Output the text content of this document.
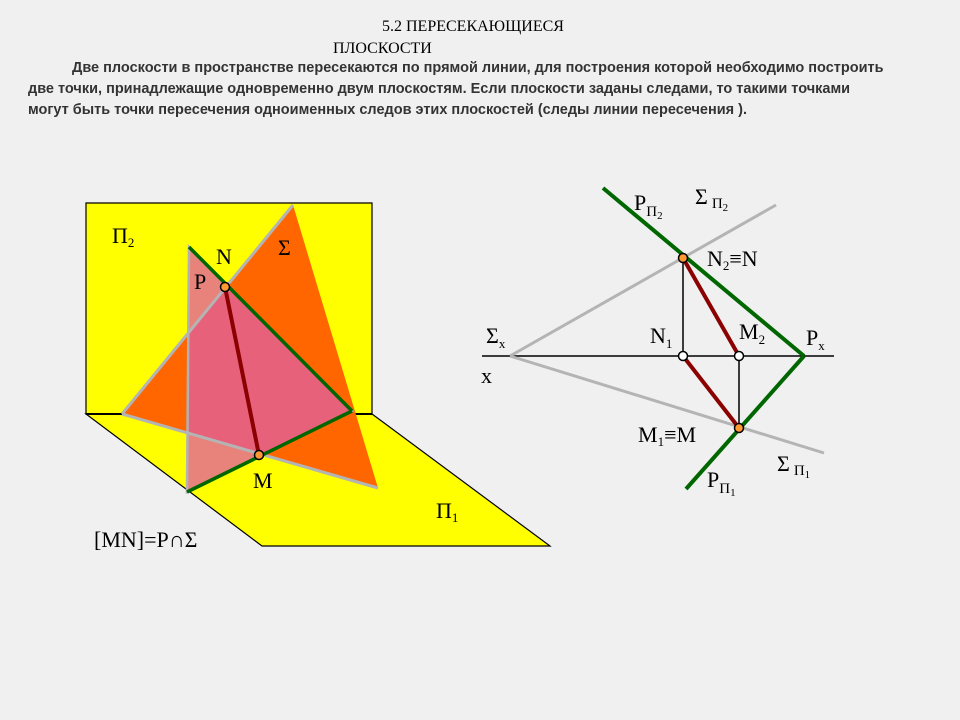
5.2 ПЕРЕСЕКАЮЩИЕСЯ
ПЛОСКОСТИ

Две плоскости в пространстве пересекаются по прямой линии, для построения которой необходимо построить две точки, принадлежащие одновременно двум плоскостям. Если плоскости заданы следами, то такими точками могут быть точки пересечения одноименных следов этих плоскостей (следы линии пересечения ).

П2
N Σ
P
M
П1
[MN]=P∩Σ
$P_П2$
Σ П2
N2≡N
$\Sigma_x$
x
$N_1$	$M_2$ $P_x$
M1≡M
Σ П1
$P_П1$
